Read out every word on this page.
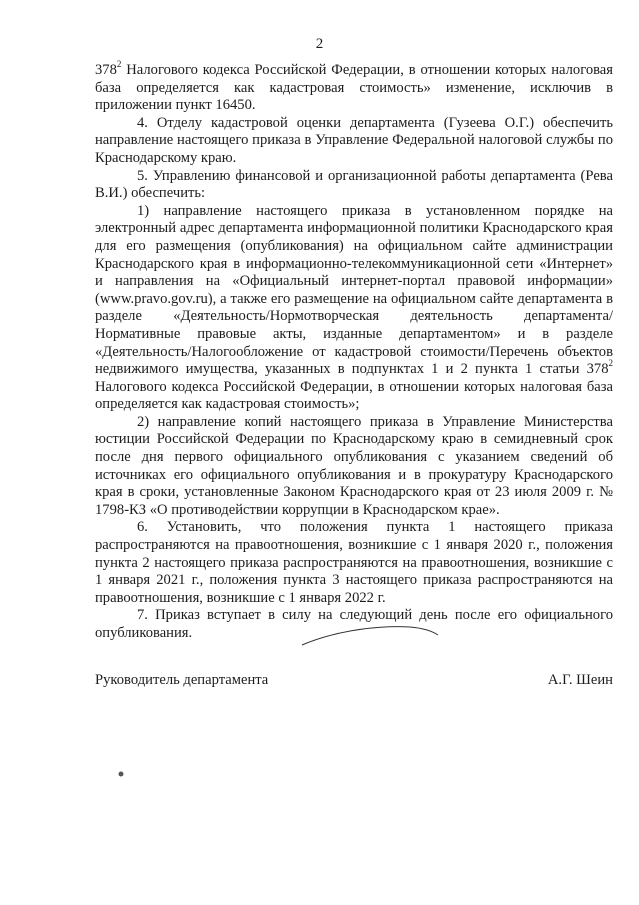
2

$378^2$ Налогового кодекса Российской Федерации, в отношении которых налоговая база определяется как кадастровая стоимость» изменение, исключив в приложении пункт 16450.

4. Отделу кадастровой оценки департамента (Гузеева О.Г.) обеспечить направление настоящего приказа в Управление Федеральной налоговой службы по Краснодарскому краю.

5. Управлению финансовой и организационной работы департамента (Рева В.И.) обеспечить:

1) направление настоящего приказа в установленном порядке на электронный адрес департамента информационной политики Краснодарского края для его размещения (опубликования) на официальном сайте администрации Краснодарского края в информационно-телекоммуникационной сети «Интернет» и направления на «Официальный интернет-портал правовой информации» (www.pravo.gov.ru), а также его размещение на официальном сайте департамента в разделе «Деятельность/Нормотворческая деятельность департамента/Нормативные правовые акты, изданные департаментом» и в разделе «Деятельность/Налогообложение от кадастровой стоимости/Перечень объектов недвижимого имущества, указанных в подпунктах 1 и 2 пункта 1 статьи $378^2$ Налогового кодекса Российской Федерации, в отношении которых налоговая база определяется как кадастровая стоимость»;

2) направление копий настоящего приказа в Управление Министерства юстиции Российской Федерации по Краснодарскому краю в семидневный срок после дня первого официального опубликования с указанием сведений об источниках его официального опубликования и в прокуратуру Краснодарского края в сроки, установленные Законом Краснодарского края от 23 июля 2009 г. № 1798-КЗ «О противодействии коррупции в Краснодарском крае».

6. Установить, что положения пункта 1 настоящего приказа распространяются на правоотношения, возникшие с 1 января 2020 г., положения пункта 2 настоящего приказа распространяются на правоотношения, возникшие с 1 января 2021 г., положения пункта 3 настоящего приказа распространяются на правоотношения, возникшие с 1 января 2022 г.

7. Приказ вступает в силу на следующий день после его официального опубликования.

Руководитель департамента	А.Г. Шеин
